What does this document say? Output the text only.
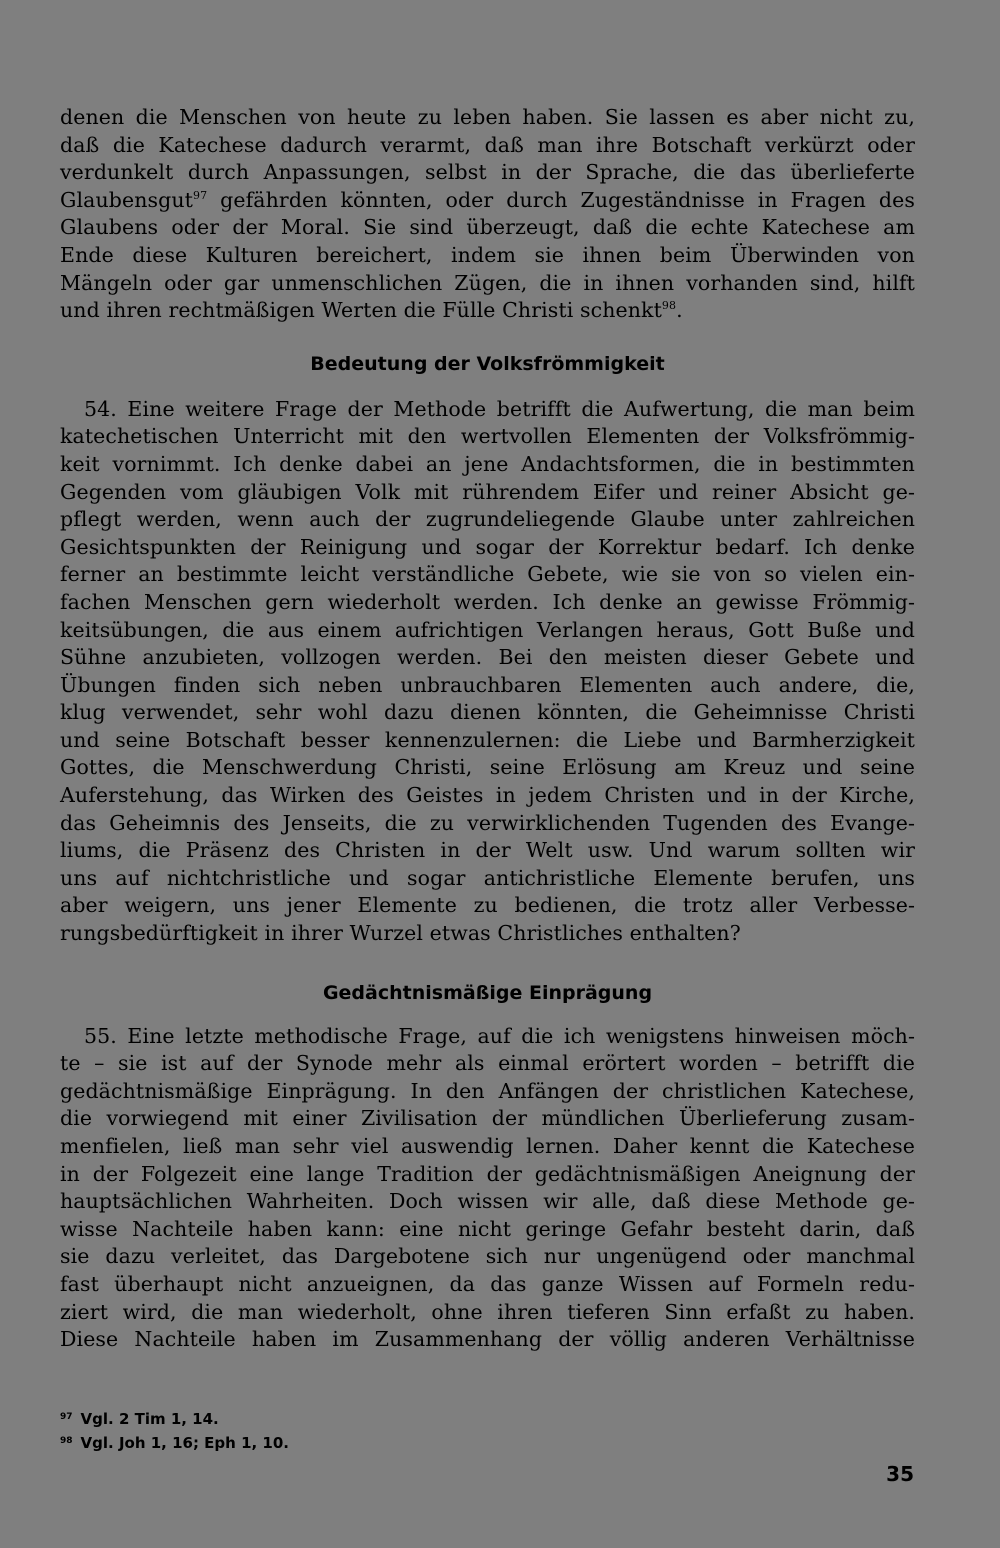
denen die Menschen von heute zu leben haben. Sie lassen es aber nicht zu,
daß die Katechese dadurch verarmt, daß man ihre Botschaft verkürzt oder
verdunkelt durch Anpassungen, selbst in der Sprache, die das überlieferte
Glaubensgut$^{97}$ gefährden könnten, oder durch Zugeständnisse in Fragen des
Glaubens oder der Moral. Sie sind überzeugt, daß die echte Katechese am
Ende diese Kulturen bereichert, indem sie ihnen beim Überwinden von
Mängeln oder gar unmenschlichen Zügen, die in ihnen vorhanden sind, hilft
und ihren rechtmäßigen Werten die Fülle Christi schenkt$^{98}$.
Bedeutung der Volksfrömmigkeit
54. Eine weitere Frage der Methode betrifft die Aufwertung, die man beim
katechetischen Unterricht mit den wertvollen Elementen der Volksfrömmig-
keit vornimmt. Ich denke dabei an jene Andachtsformen, die in bestimmten
Gegenden vom gläubigen Volk mit rührendem Eifer und reiner Absicht ge-
pflegt werden, wenn auch der zugrundeliegende Glaube unter zahlreichen
Gesichtspunkten der Reinigung und sogar der Korrektur bedarf. Ich denke
ferner an bestimmte leicht verständliche Gebete, wie sie von so vielen ein-
fachen Menschen gern wiederholt werden. Ich denke an gewisse Frömmig-
keitsübungen, die aus einem aufrichtigen Verlangen heraus, Gott Buße und
Sühne anzubieten, vollzogen werden. Bei den meisten dieser Gebete und
Übungen finden sich neben unbrauchbaren Elementen auch andere, die,
klug verwendet, sehr wohl dazu dienen könnten, die Geheimnisse Christi
und seine Botschaft besser kennenzulernen: die Liebe und Barmherzigkeit
Gottes, die Menschwerdung Christi, seine Erlösung am Kreuz und seine
Auferstehung, das Wirken des Geistes in jedem Christen und in der Kirche,
das Geheimnis des Jenseits, die zu verwirklichenden Tugenden des Evange-
liums, die Präsenz des Christen in der Welt usw. Und warum sollten wir
uns auf nichtchristliche und sogar antichristliche Elemente berufen, uns
aber weigern, uns jener Elemente zu bedienen, die trotz aller Verbesse-
rungsbedürftigkeit in ihrer Wurzel etwas Christliches enthalten?
Gedächtnismäßige Einprägung
55. Eine letzte methodische Frage, auf die ich wenigstens hinweisen möch-
te – sie ist auf der Synode mehr als einmal erörtert worden – betrifft die
gedächtnismäßige Einprägung. In den Anfängen der christlichen Katechese,
die vorwiegend mit einer Zivilisation der mündlichen Überlieferung zusam-
menfielen, ließ man sehr viel auswendig lernen. Daher kennt die Katechese
in der Folgezeit eine lange Tradition der gedächtnismäßigen Aneignung der
hauptsächlichen Wahrheiten. Doch wissen wir alle, daß diese Methode ge-
wisse Nachteile haben kann: eine nicht geringe Gefahr besteht darin, daß
sie dazu verleitet, das Dargebotene sich nur ungenügend oder manchmal
fast überhaupt nicht anzueignen, da das ganze Wissen auf Formeln redu-
ziert wird, die man wiederholt, ohne ihren tieferen Sinn erfaßt zu haben.
Diese Nachteile haben im Zusammenhang der völlig anderen Verhältnisse
$^{97}$ Vgl. 2 Tim 1, 14.
$^{98}$ Vgl. Joh 1, 16; Eph 1, 10.
35
